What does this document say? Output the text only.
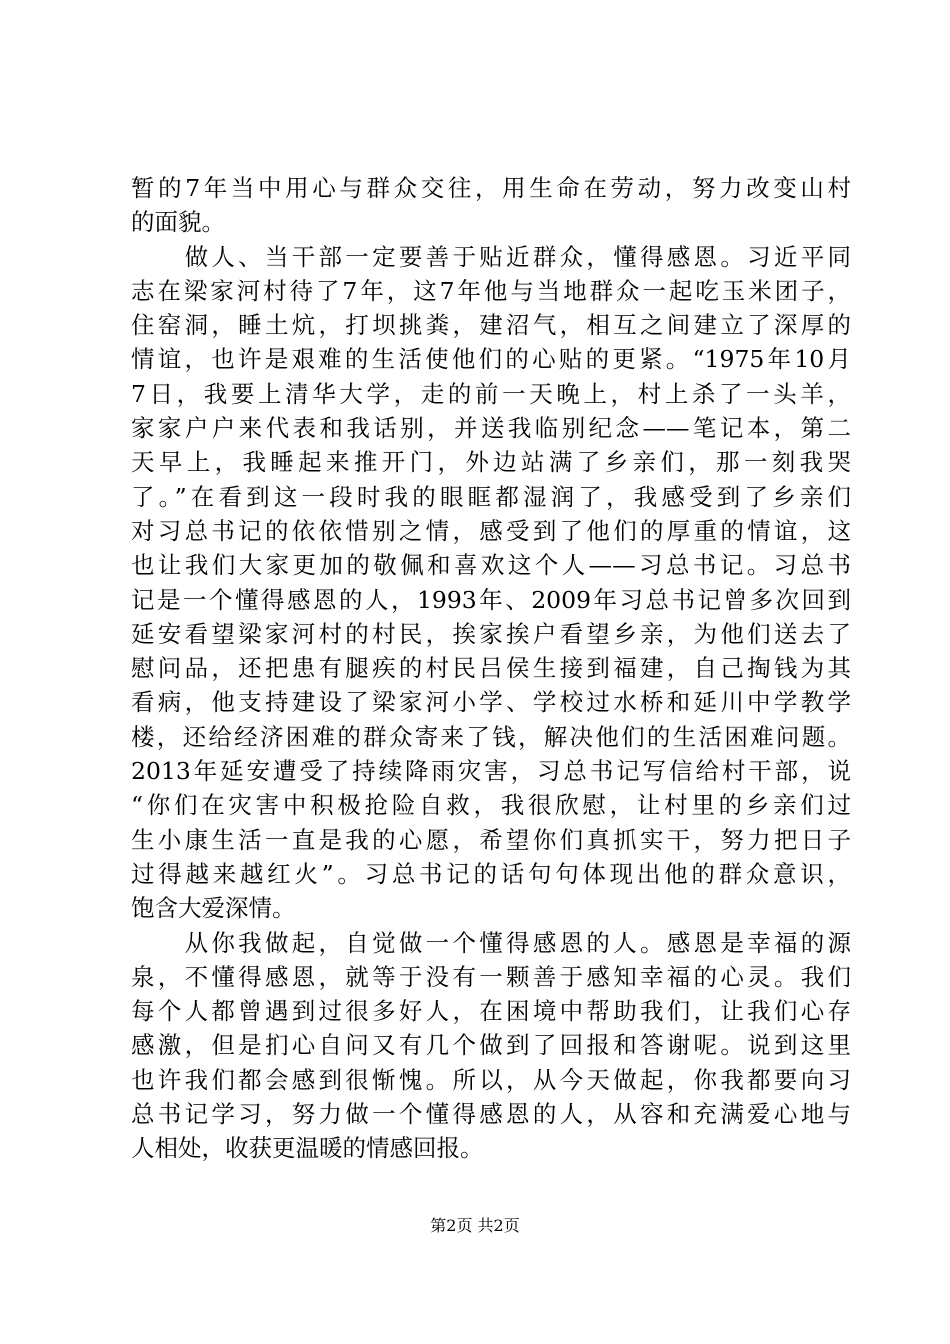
暂的7年当中用心与群众交往，用生命在劳动，努力改变山村
的面貌。
　　做人、当干部一定要善于贴近群众，懂得感恩。习近平同
志在梁家河村待了7年，这7年他与当地群众一起吃玉米团子，
住窑洞，睡土炕，打坝挑粪，建沼气，相互之间建立了深厚的
情谊，也许是艰难的生活使他们的心贴的更紧。“1975年10月
7日，我要上清华大学，走的前一天晚上，村上杀了一头羊，
家家户户来代表和我话别，并送我临别纪念——笔记本，第二
天早上，我睡起来推开门，外边站满了乡亲们，那一刻我哭
了。”在看到这一段时我的眼眶都湿润了，我感受到了乡亲们
对习总书记的依依惜别之情，感受到了他们的厚重的情谊，这
也让我们大家更加的敬佩和喜欢这个人——习总书记。习总书
记是一个懂得感恩的人，1993年、2009年习总书记曾多次回到
延安看望梁家河村的村民，挨家挨户看望乡亲，为他们送去了
慰问品，还把患有腿疾的村民吕侯生接到福建，自己掏钱为其
看病，他支持建设了梁家河小学、学校过水桥和延川中学教学
楼，还给经济困难的群众寄来了钱，解决他们的生活困难问题。
2013年延安遭受了持续降雨灾害，习总书记写信给村干部，说
“你们在灾害中积极抢险自救，我很欣慰，让村里的乡亲们过
生小康生活一直是我的心愿，希望你们真抓实干，努力把日子
过得越来越红火”。习总书记的话句句体现出他的群众意识，
饱含大爱深情。
　　从你我做起，自觉做一个懂得感恩的人。感恩是幸福的源
泉，不懂得感恩，就等于没有一颗善于感知幸福的心灵。我们
每个人都曾遇到过很多好人，在困境中帮助我们，让我们心存
感激，但是扪心自问又有几个做到了回报和答谢呢。说到这里
也许我们都会感到很惭愧。所以，从今天做起，你我都要向习
总书记学习，努力做一个懂得感恩的人，从容和充满爱心地与
人相处，收获更温暖的情感回报。
第2页 共2页
